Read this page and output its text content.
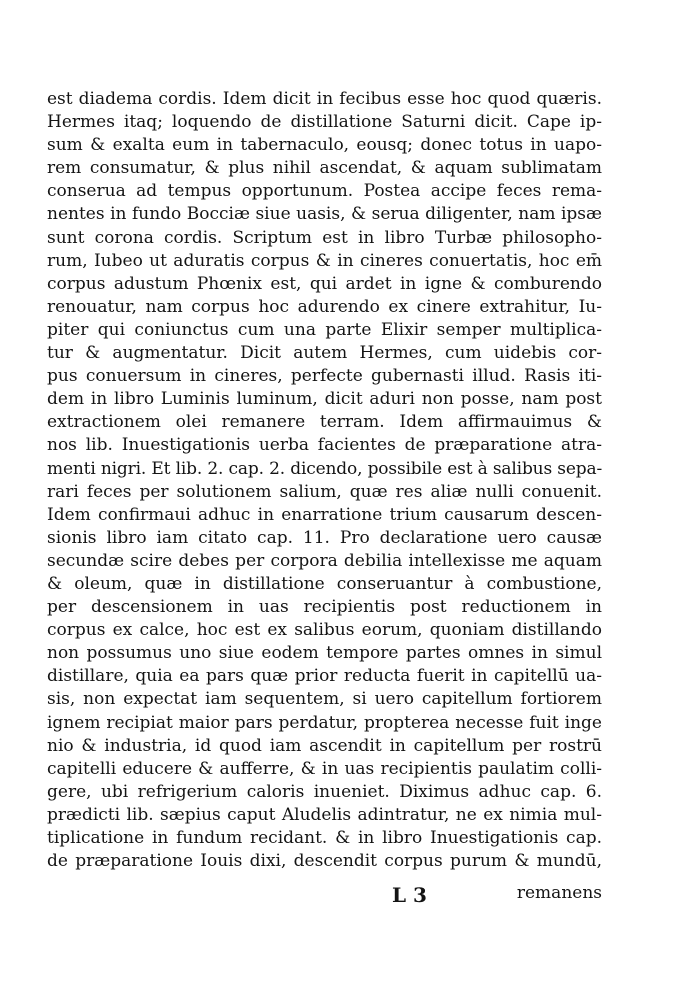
est diadema cordis. Idem dicit in fecibus esse hoc quod quæris.
Hermes itaq; loquendo de distillatione Saturni dicit. Cape ip-
sum & exalta eum in tabernaculo, eousq; donec totus in uapo-
rem consumatur, & plus nihil ascendat, & aquam sublimatam
conserua ad tempus opportunum. Postea accipe feces rema-
nentes in fundo Bocciæ siue uasis, & serua diligenter, nam ipsæ
sunt corona cordis. Scriptum est in libro Turbæ philosopho-
rum, Iubeo ut aduratis corpus & in cineres conuertatis, hoc em̄
corpus adustum Phœnix est, qui ardet in igne & comburendo
renouatur, nam corpus hoc adurendo ex cinere extrahitur, Iu-
piter qui coniunctus cum una parte Elixir semper multiplica-
tur & augmentatur. Dicit autem Hermes, cum uidebis cor-
pus conuersum in cineres, perfecte gubernasti illud. Rasis iti-
dem in libro Luminis luminum, dicit aduri non posse, nam post
extractionem olei remanere terram. Idem affirmauimus &
nos lib. Inuestigationis uerba facientes de præparatione atra-
menti nigri. Et lib. 2. cap. 2. dicendo, possibile est à salibus sepa-
rari feces per solutionem salium, quæ res aliæ nulli conuenit.
Idem confirmaui adhuc in enarratione trium causarum descen-
sionis libro iam citato cap. 11. Pro declaratione uero causæ
secundæ scire debes per corpora debilia intellexisse me aquam
& oleum, quæ in distillatione conseruantur à combustione,
per descensionem in uas recipientis post reductionem in
corpus ex calce, hoc est ex salibus eorum, quoniam distillando
non possumus uno siue eodem tempore partes omnes in simul
distillare, quia ea pars quæ prior reducta fuerit in capitellū ua-
sis, non expectat iam sequentem, si uero capitellum fortiorem
ignem recipiat maior pars perdatur, propterea necesse fuit inge
nio & industria, id quod iam ascendit in capitellum per rostrū
capitelli educere & aufferre, & in uas recipientis paulatim colli-
gere, ubi refrigerium caloris inueniet. Diximus adhuc cap. 6.
prædicti lib. sæpius caput Aludelis adintratur, ne ex nimia mul-
tiplicatione in fundum recidant. & in libro Inuestigationis cap.
de præparatione Iouis dixi, descendit corpus purum & mundū,
L 3	remanens
